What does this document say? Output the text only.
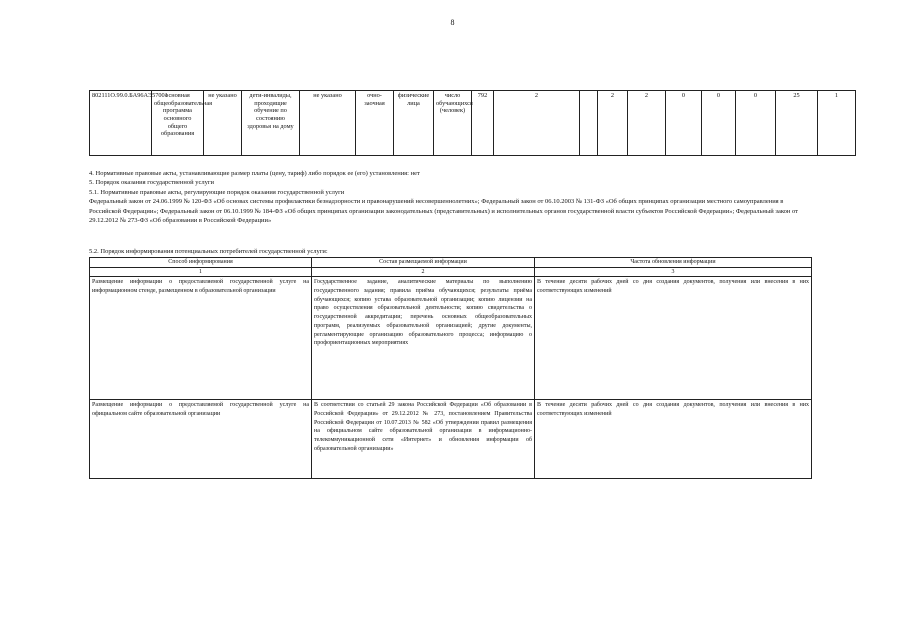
8
802111О.99.0.БА96АЭ57001	основная общеобразовательная программа основного общего образования	не указано	дети-инвалиды, проходящие обучение по состоянию здоровья на дому	не указано	очно-заочная	физические лица	число обучающихся (человек)	792	2		2	2	0	0	0	25	1
4. Нормативные правовые акты, устанавливающие размер платы (цену, тариф) либо порядок ее (его) установления: нет
5. Порядок оказания государственной услуги
5.1. Нормативные правовые акты, регулирующие порядок оказания государственной услуги
Федеральный закон от 24.06.1999 № 120-ФЗ «Об основах системы профилактики безнадзорности и правонарушений несовершеннолетних»; Федеральный закон от 06.10.2003 № 131-ФЗ «Об общих принципах организации местного самоуправления в Российской Федерации»; Федеральный закон от 06.10.1999 № 184-ФЗ «Об общих принципах организации законодательных (представительных) и исполнительных органов государственной власти субъектов Российской Федерации»; Федеральный закон от 29.12.2012 № 273-ФЗ «Об образовании в Российской Федерации»
5.2. Порядок информирования потенциальных потребителей государственной услуги:
Способ информирования	Состав размещаемой информации	Частота обновления информации
1	2	3
Размещение информации о предоставляемой государственной услуге на информационном стенде, размещенном в образовательной организации	Государственное задание, аналитические материалы по выполнению государственного задания; правила приёма обучающихся; результаты приёма обучающихся; копию устава образовательной организации; копию лицензии на право осуществления образовательной деятельности; копию свидетельства о государственной аккредитации; перечень основных общеобразовательных программ, реализуемых образовательной организацией; другие документы, регламентирующие организацию образовательного процесса; информацию о профориентационных мероприятиях	В течение десяти рабочих дней со дня создания документов, получения или внесения в них соответствующих изменений
Размещение информации о предоставляемой государственной услуге на официальном сайте образовательной организации	В соответствии со статьей 29 закона Российской Федерации «Об образовании в Российской Федерации» от 29.12.2012 № 273, постановлением Правительства Российской Федерации от 10.07.2013 № 582 «Об утверждении правил размещения на официальном сайте образовательной организации в информационно-телекоммуникационной сети «Интернет» и обновления информации об образовательной организации»	В течение десяти рабочих дней со дня создания документов, получения или внесения в них соответствующих изменений
